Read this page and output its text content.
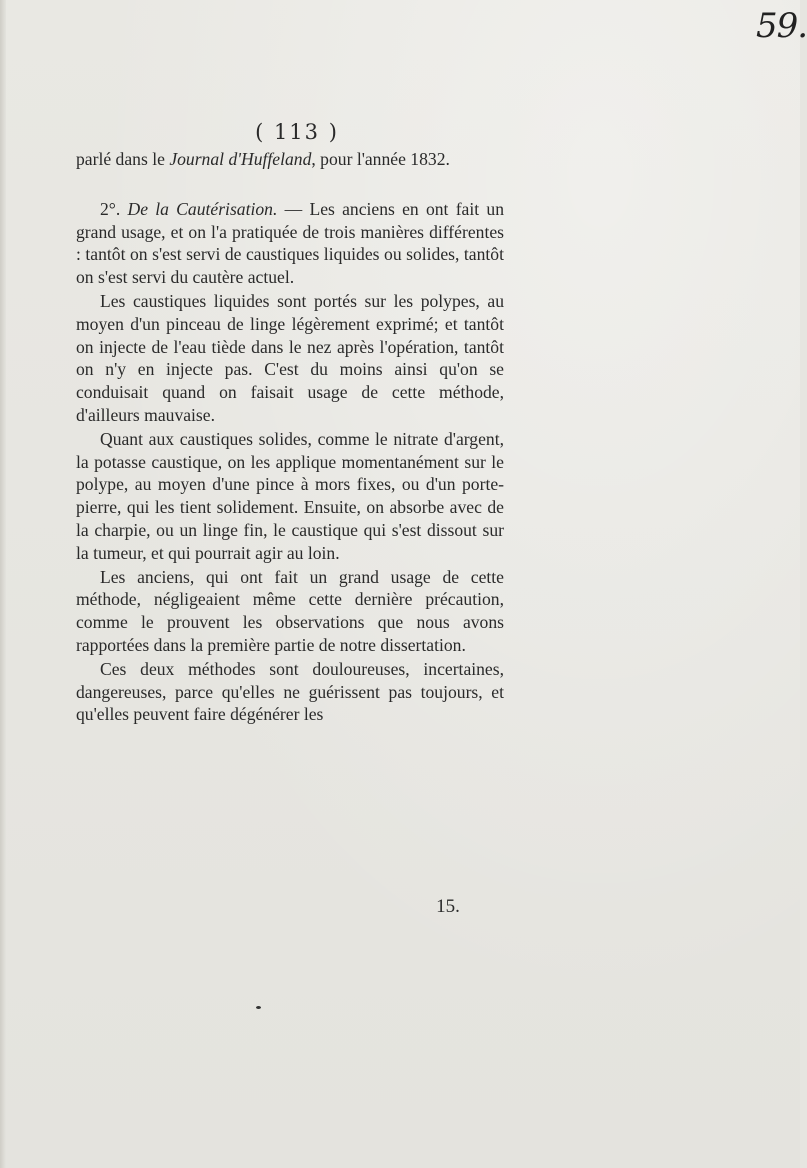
59.
( 113 )

parlé dans le Journal d'Huffeland, pour l'année 1832.

2°. De la Cautérisation. — Les anciens en ont fait un grand usage, et on l'a pratiquée de trois manières différentes : tantôt on s'est servi de caustiques liquides ou solides, tantôt on s'est servi du cautère actuel.

Les caustiques liquides sont portés sur les polypes, au moyen d'un pinceau de linge légèrement exprimé; et tantôt on injecte de l'eau tiède dans le nez après l'opération, tantôt on n'y en injecte pas. C'est du moins ainsi qu'on se conduisait quand on faisait usage de cette méthode, d'ailleurs mauvaise.

Quant aux caustiques solides, comme le nitrate d'argent, la potasse caustique, on les applique momentanément sur le polype, au moyen d'une pince à mors fixes, ou d'un porte-pierre, qui les tient solidement. Ensuite, on absorbe avec de la charpie, ou un linge fin, le caustique qui s'est dissout sur la tumeur, et qui pourrait agir au loin.

Les anciens, qui ont fait un grand usage de cette méthode, négligeaient même cette dernière précaution, comme le prouvent les observations que nous avons rapportées dans la première partie de notre dissertation.

Ces deux méthodes sont douloureuses, incertaines, dangereuses, parce qu'elles ne guérissent pas toujours, et qu'elles peuvent faire dégénérer les

15.
